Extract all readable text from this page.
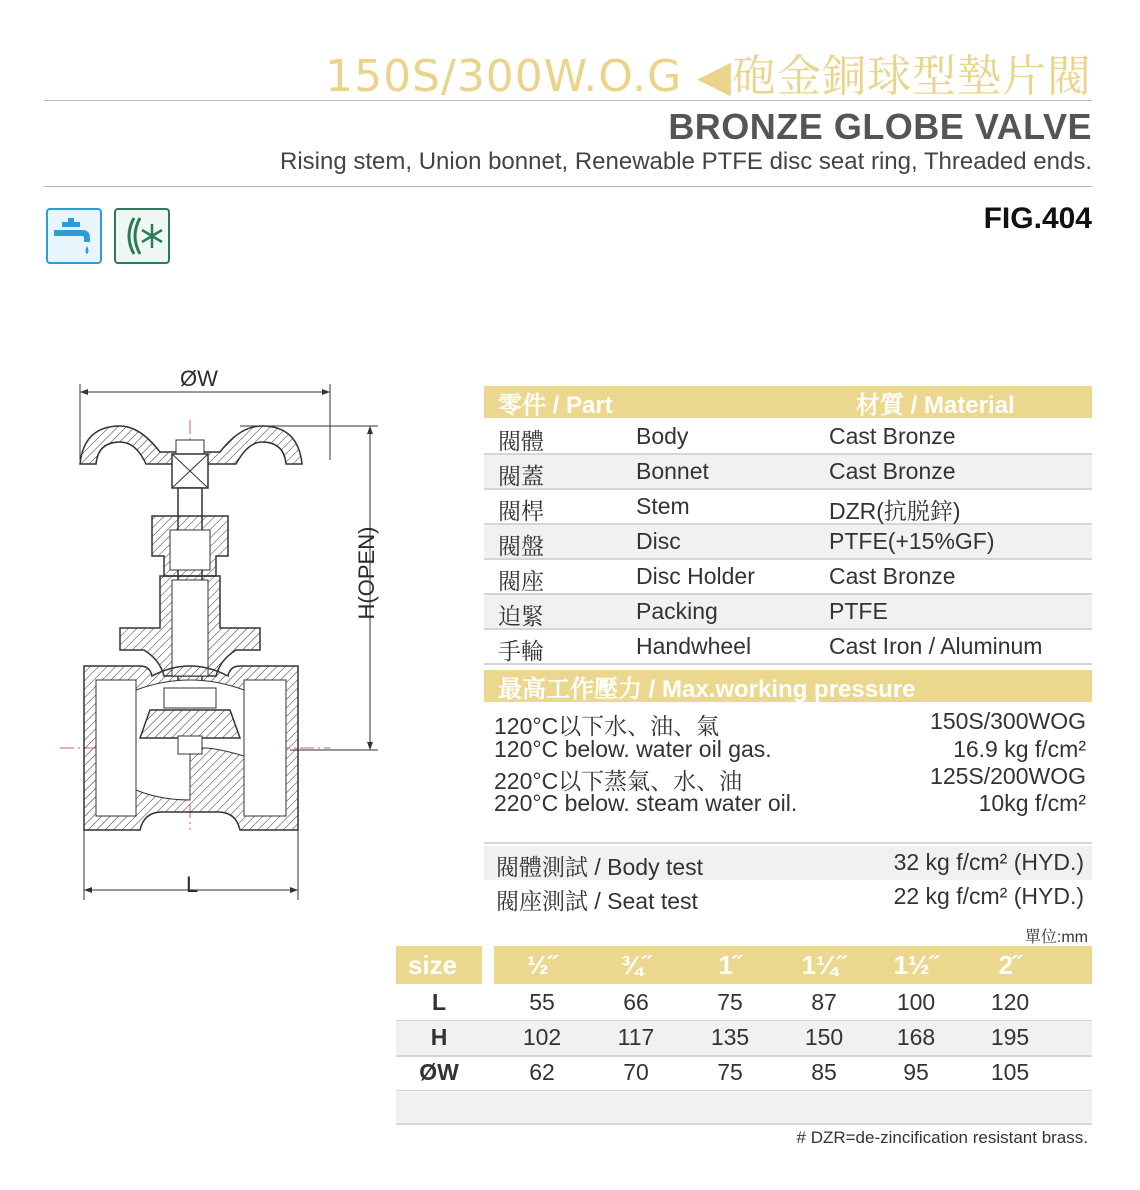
150S/300W.O.G ◀砲金銅球型墊片閥
BRONZE GLOBE VALVE
Rising stem, Union bonnet, Renewable PTFE disc seat ring, Threaded ends.
FIG.404
ØW
H(OPEN)
L
零件 / Part	材質 / Material
閥體	Body	Cast Bronze
閥蓋	Bonnet	Cast Bronze
閥桿	Stem	DZR(抗脱鋅)
閥盤	Disc	PTFE(+15%GF)
閥座	Disc Holder	Cast Bronze
迫緊	Packing	PTFE
手輪	Handwheel	Cast Iron / Aluminum
最高工作壓力 / Max.working pressure
120°C以下水、油、氣	150S/300WOG
120°C below. water oil gas.	16.9 kg f/cm²
220°C以下蒸氣、水、油	125S/200WOG
220°C below. steam water oil.	10kg f/cm²
閥體測試 / Body test	32 kg f/cm² (HYD.)
閥座測試 / Seat test	22 kg f/cm² (HYD.)
單位:mm
size	½˝	¾˝	1˝	1¼˝	1½˝	2˝
L	55	66	75	87	100	120
H	102	117	135	150	168	195
ØW	62	70	75	85	95	105
# DZR=de-zincification resistant brass.
